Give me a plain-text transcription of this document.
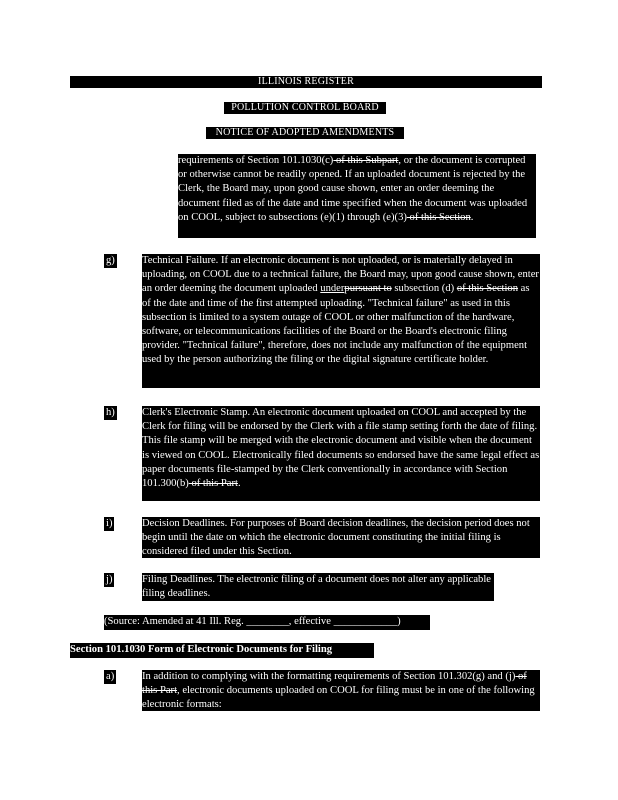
ILLINOIS REGISTER
POLLUTION CONTROL BOARD
NOTICE OF ADOPTED AMENDMENTS
requirements of Section 101.1030(c) of this Subpart, or the document is corrupted or otherwise cannot be readily opened. If an uploaded document is rejected by the Clerk, the Board may, upon good cause shown, enter an order deeming the document filed as of the date and time specified when the document was uploaded on COOL, subject to subsections (e)(1) through (e)(3) of this Section.
g)	Technical Failure. If an electronic document is not uploaded, or is materially delayed in uploading, on COOL due to a technical failure, the Board may, upon good cause shown, enter an order deeming the document uploaded underpursuant to subsection (d) of this Section as of the date and time of the first attempted uploading. "Technical failure" as used in this subsection is limited to a system outage of COOL or other malfunction of the hardware, software, or telecommunications facilities of the Board or the Board's electronic filing provider. "Technical failure", therefore, does not include any malfunction of the equipment used by the person authorizing the filing or the digital signature certificate holder.
h)	Clerk's Electronic Stamp. An electronic document uploaded on COOL and accepted by the Clerk for filing will be endorsed by the Clerk with a file stamp setting forth the date of filing. This file stamp will be merged with the electronic document and visible when the document is viewed on COOL. Electronically filed documents so endorsed have the same legal effect as paper documents file-stamped by the Clerk conventionally in accordance with Section 101.300(b) of this Part.
i)	Decision Deadlines. For purposes of Board decision deadlines, the decision period does not begin until the date on which the electronic document constituting the initial filing is considered filed under this Section.
j)	Filing Deadlines. The electronic filing of a document does not alter any applicable filing deadlines.
(Source: Amended at 41 Ill. Reg. ________, effective ____________)
Section 101.1030 Form of Electronic Documents for Filing
a)	In addition to complying with the formatting requirements of Section 101.302(g) and (j) of this Part, electronic documents uploaded on COOL for filing must be in one of the following electronic formats:
